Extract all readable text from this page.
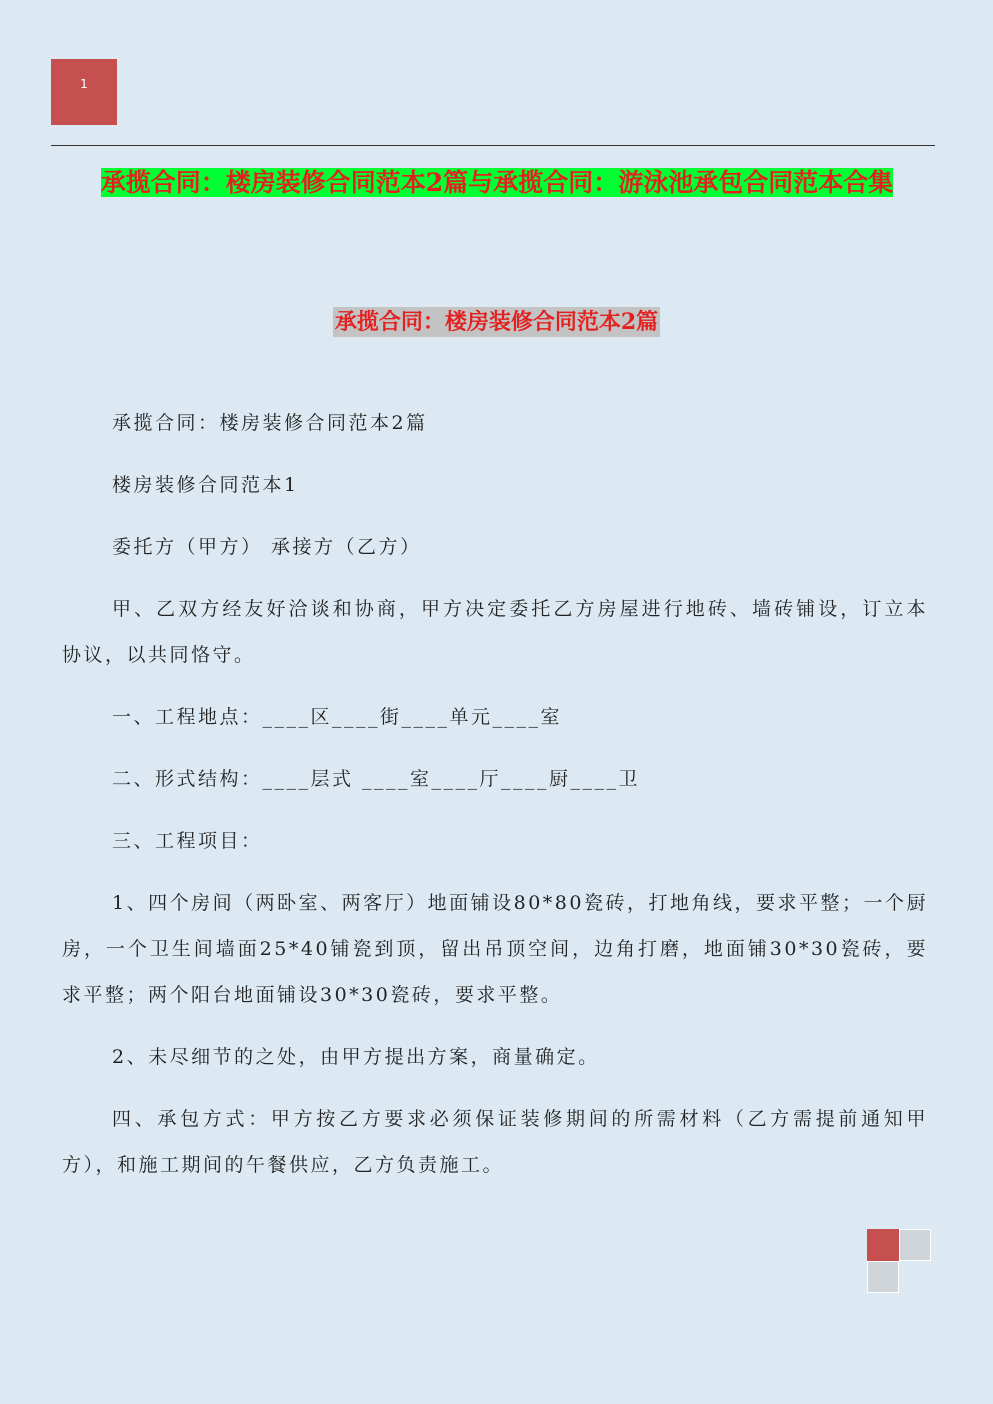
1
承揽合同：楼房装修合同范本2篇与承揽合同：游泳池承包合同范本合集
承揽合同：楼房装修合同范本2篇

承揽合同：楼房装修合同范本2篇

楼房装修合同范本1

委托方（甲方） 承接方（乙方）

甲、乙双方经友好洽谈和协商，甲方决定委托乙方房屋进行地砖、墙砖铺设，订立本协议，以共同恪守。

一、工程地点：____区____街____单元____室

二、形式结构：____层式 ____室____厅____厨____卫

三、工程项目：

1、四个房间（两卧室、两客厅）地面铺设80*80瓷砖，打地角线，要求平整；一个厨房，一个卫生间墙面25*40铺瓷到顶，留出吊顶空间，边角打磨，地面铺30*30瓷砖，要求平整；两个阳台地面铺设30*30瓷砖，要求平整。

2、未尽细节的之处，由甲方提出方案，商量确定。

四、承包方式：甲方按乙方要求必须保证装修期间的所需材料（乙方需提前通知甲方），和施工期间的午餐供应，乙方负责施工。
